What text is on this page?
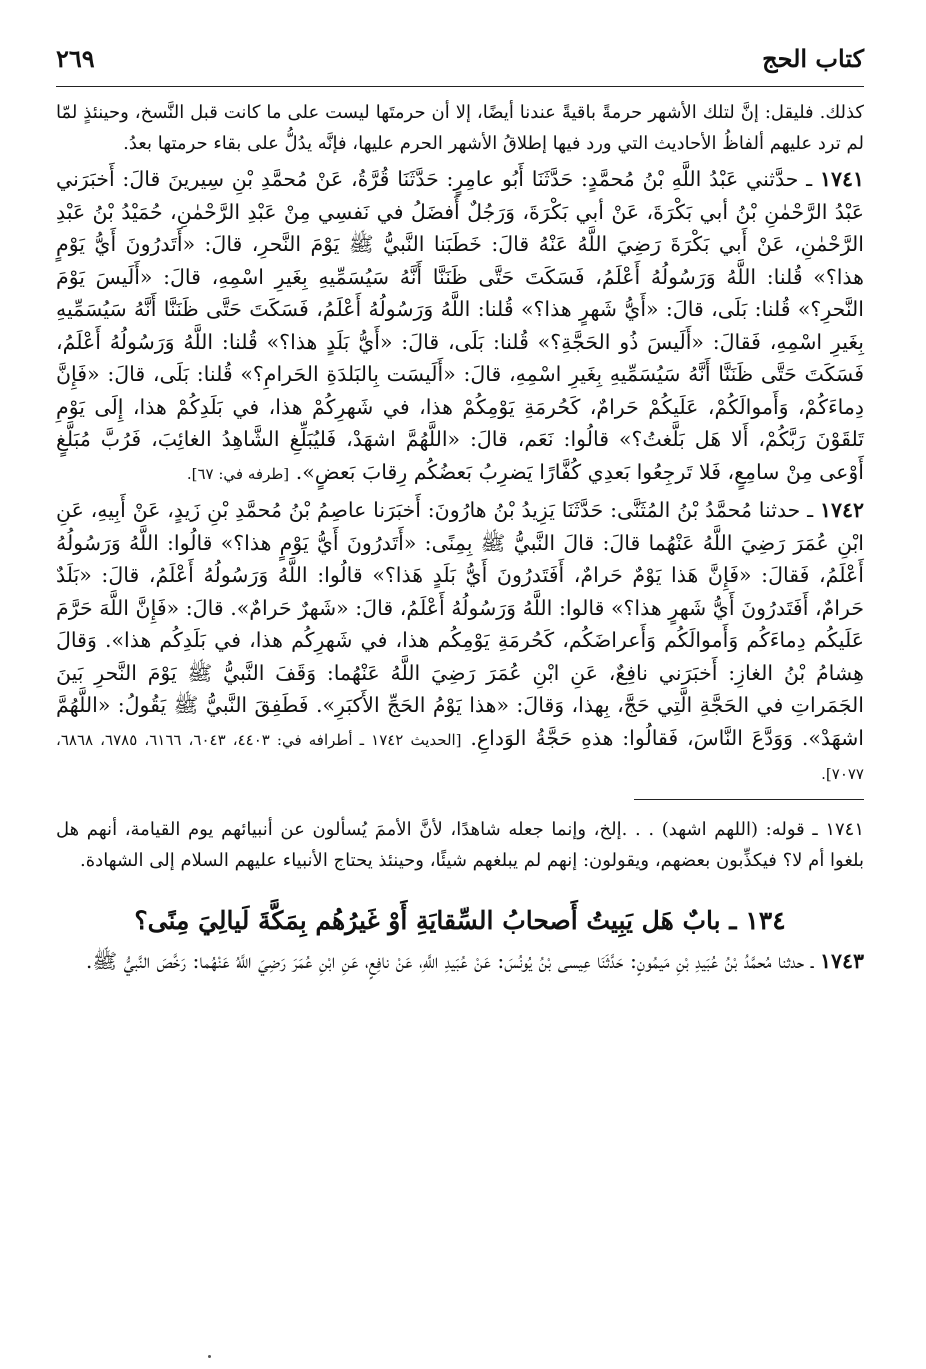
كتاب الحج
٢٦٩

كذلك. فليقل: إنَّ لتلك الأشهر حرمةً باقيةً عندنا أيضًا، إلا أن حرمتَها ليست على ما كانت قبل النَّسخ، وحينئذٍ لمّا لم ترد عليهم ألفاظُ الأحاديث التي ورد فيها إطلاقُ الأشهر الحرم عليها، فإنَّه يدُلُّ على بقاء حرمتها بعدُ.

١٧٤١ ـ حدَّثني عَبْدُ اللَّهِ بْنُ مُحمَّدٍ: حَدَّثَنَا أَبُو عامِرٍ: حَدَّثَنَا قُرَّةُ، عَنْ مُحمَّدِ بْنِ سِيرينَ قالَ: أَخبَرَني عَبْدُ الرَّحْمٰنِ بْنُ أبي بَكْرَةَ، عَنْ أبي بَكْرَةَ، وَرَجُلٌ أَفضَلُ في نَفسِي مِنْ عَبْدِ الرَّحْمٰنِ، حُمَيْدُ بْنُ عَبْدِ الرَّحْمٰنِ، عَنْ أَبي بَكْرَةَ رَضِيَ اللَّهُ عَنْهُ قالَ: خَطَبَنا النَّبيُّ ﷺ يَوْمَ النَّحرِ، قالَ: «أَتَدرُونَ أَيُّ يَوْمٍ هذا؟» قُلنا: اللَّهُ وَرَسُولُهُ أَعْلَمُ، فَسَكَتَ حَتَّى ظَنَنَّا أَنَّهُ سَيُسَمِّيهِ بِغَيرِ اسْمِهِ، قالَ: «أَلَيسَ يَوْمَ النَّحرِ؟» قُلنا: بَلَى، قالَ: «أَيُّ شَهرٍ هذا؟» قُلنا: اللَّهُ وَرَسُولُهُ أَعْلَمُ، فَسَكَتَ حَتَّى ظَنَنَّا أَنَّهُ سَيُسَمِّيهِ بِغَيرِ اسْمِهِ، فَقالَ: «أَلَيسَ ذُو الحَجَّةِ؟» قُلنا: بَلَى، قالَ: «أَيُّ بَلَدٍ هذا؟» قُلنا: اللَّهُ وَرَسُولُهُ أَعْلَمُ، فَسَكَتَ حَتَّى ظَنَنَّا أَنَّهُ سَيُسَمِّيهِ بِغَيرِ اسْمِهِ، قالَ: «أَلَيسَت بِالبَلدَةِ الحَرامِ؟» قُلنا: بَلَى، قالَ: «فَإِنَّ دِماءَكُمْ، وَأَموالَكُمْ، عَلَيكُمْ حَرامٌ، كَحُرمَةِ يَوْمِكُمْ هذا، في شَهرِكُمْ هذا، في بَلَدِكُمْ هذا، إِلَى يَوْمِ تَلقَوْنَ رَبَّكُمْ، أَلا هَل بَلَّغتُ؟» قالُوا: نَعَم، قالَ: «اللَّهُمَّ اشهَدْ، فَليُبَلِّغِ الشَّاهِدُ الغائِبَ، فَرُبَّ مُبَلَّغٍ أَوْعى مِنْ سامِعٍ، فَلا تَرجِعُوا بَعدِي كُفَّارًا يَضرِبُ بَعضُكُم رِقابَ بَعضٍ». [طرفه في: ٦٧].

١٧٤٢ ـ حدثنا مُحمَّدُ بْنُ المُثَنَّى: حَدَّثَنَا يَزِيدُ بْنُ هارُونَ: أَخبَرَنا عاصِمُ بْنُ مُحمَّدِ بْنِ زَيدٍ، عَنْ أَبِيهِ، عَنِ ابْنِ عُمَرَ رَضِيَ اللَّهُ عَنْهُما قالَ: قالَ النَّبيُّ ﷺ بِمِنًى: «أَتَدرُونَ أَيُّ يَوْمٍ هذا؟» قالُوا: اللَّهُ وَرَسُولُهُ أَعْلَمُ، فَقالَ: «فَإِنَّ هَذا يَوْمٌ حَرامٌ، أَفَتَدرُونَ أَيُّ بَلَدٍ هَذا؟» قالُوا: اللَّهُ وَرَسُولُهُ أَعْلَمُ، قالَ: «بَلَدٌ حَرامٌ، أَفَتَدرُونَ أَيُّ شَهرٍ هذا؟» قالوا: اللَّهُ وَرَسُولُهُ أَعْلَمُ، قالَ: «شَهرٌ حَرامٌ». قالَ: «فَإِنَّ اللَّهَ حَرَّمَ عَلَيكُم دِماءَكُم وَأَموالَكُم وَأَعراضَكُم، كَحُرمَةِ يَوْمِكُم هذا، في شَهرِكُم هذا، في بَلَدِكُم هذا». وَقالَ هِشامُ بْنُ الغازِ: أَخبَرَني نافِعٌ، عَنِ ابْنِ عُمَرَ رَضِيَ اللَّهُ عَنْهُما: وَقَفَ النَّبيُّ ﷺ يَوْمَ النَّحرِ بَينَ الجَمَراتِ في الحَجَّةِ الَّتِي حَجَّ، بِهذا، وَقالَ: «هذا يَوْمُ الحَجِّ الأَكبَرِ». فَطَفِقَ النَّبيُّ ﷺ يَقُولُ: «اللَّهُمَّ اشهَدْ». وَوَدَّعَ النَّاسَ، فَقالُوا: هذهِ حَجَّةُ الوَداعِ. [الحديث ١٧٤٢ ـ أطرافه في: ٤٤٠٣، ٦٠٤٣، ٦١٦٦، ٦٧٨٥، ٦٨٦٨، ٧٠٧٧].

١٧٤١ ـ قوله: (اللهم اشهد) . . .إلخ، وإنما جعله شاهدًا، لأنَّ الأممَ يُسألون عن أنبيائهم يوم القيامة، أنهم هل بلغوا أم لا؟ فيكذِّبون بعضهم، ويقولون: إنهم لم يبلغهم شيئًا، وحينئذ يحتاج الأنبياء عليهم السلام إلى الشهادة.

١٣٤ ـ بابٌ هَل يَبِيتُ أَصحابُ السِّقايَةِ أَوْ غَيرُهُم بِمَكَّةَ لَيالِيَ مِنًى؟

١٧٤٣ ـ حدثنا مُحمَّدُ بْنُ عُبَيدِ بْنِ مَيمُونٍ: حَدَّثَنَا عِيسى بْنُ يُونُسَ: عَنْ عُبَيدِ اللَّهِ، عَنْ نافِعٍ، عَنِ ابْنِ عُمَرَ رَضِيَ اللَّهُ عَنْهُما: رَخَّصَ النَّبيُّ ﷺ.
